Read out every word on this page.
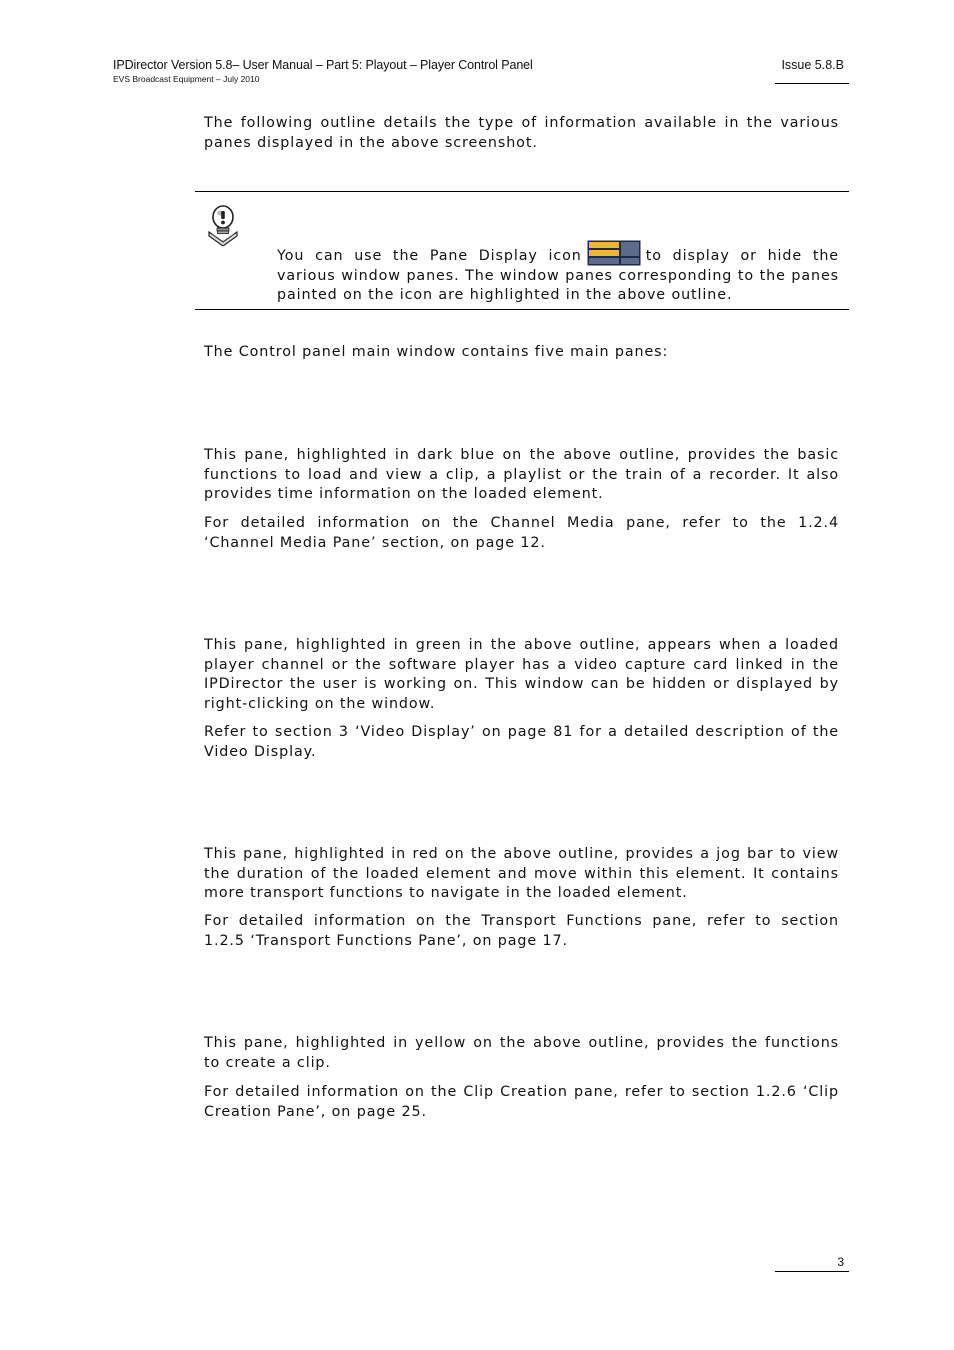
IPDirector Version 5.8– User Manual – Part 5: Playout – Player Control Panel
EVS Broadcast Equipment – July 2010
Issue 5.8.B

The following outline details the type of information available in the various panes displayed in the above screenshot.

You can use the Pane Display icon	to display or hide the various window panes. The window panes corresponding to the panes painted on the icon are highlighted in the above outline.

The Control panel main window contains five main panes:

This pane, highlighted in dark blue on the above outline, provides the basic functions to load and view a clip, a playlist or the train of a recorder. It also provides time information on the loaded element.

For detailed information on the Channel Media pane, refer to the 1.2.4 ‘Channel Media Pane’ section, on page 12.

This pane, highlighted in green in the above outline, appears when a loaded player channel or the software player has a video capture card linked in the IPDirector the user is working on. This window can be hidden or displayed by right-clicking on the window.

Refer to section 3 ‘Video Display’ on page 81 for a detailed description of the Video Display.

This pane, highlighted in red on the above outline, provides a jog bar to view the duration of the loaded element and move within this element. It contains more transport functions to navigate in the loaded element.

For detailed information on the Transport Functions pane, refer to section 1.2.5 ‘Transport Functions Pane’, on page 17.

This pane, highlighted in yellow on the above outline, provides the functions to create a clip.

For detailed information on the Clip Creation pane, refer to section 1.2.6 ‘Clip Creation Pane’, on page 25.

3
